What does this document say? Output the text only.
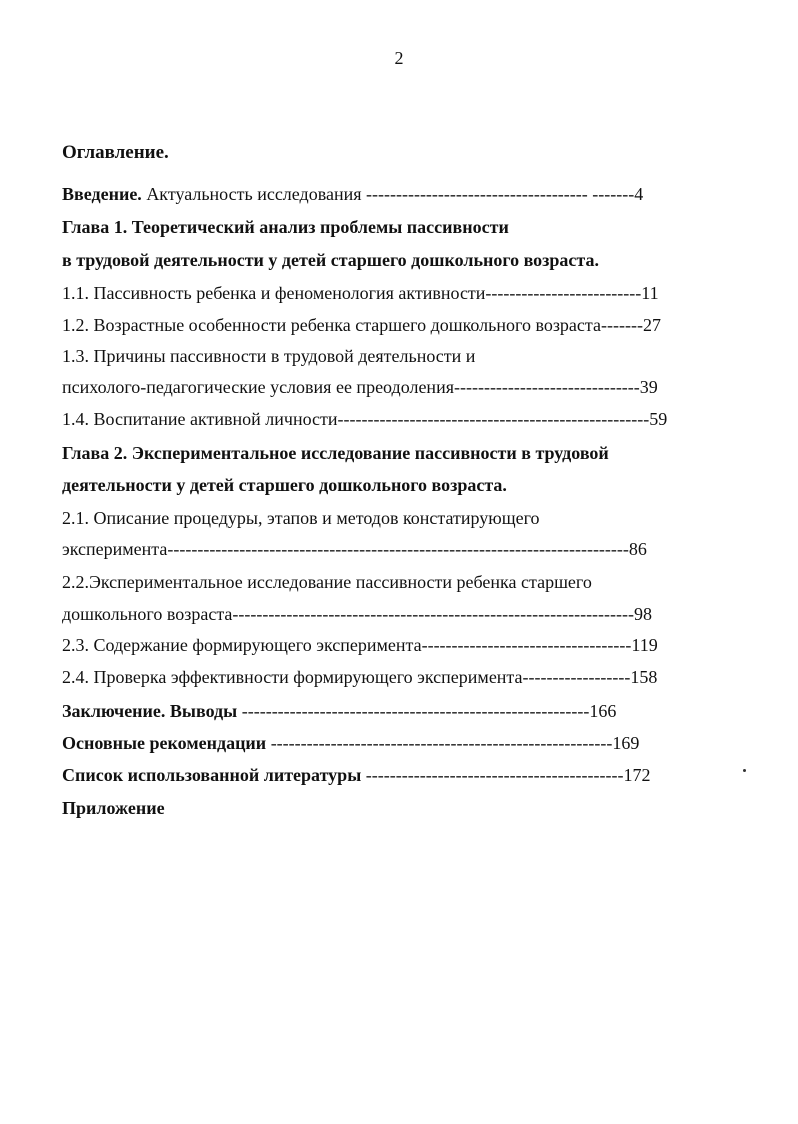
2
Оглавление.
Введение. Актуальность исследования ------------------------------------- -------4
Глава 1. Теоретический анализ проблемы пассивности
в трудовой деятельности у детей старшего дошкольного возраста.
1.1. Пассивность ребенка и феноменология активности--------------------------11
1.2. Возрастные особенности ребенка старшего дошкольного возраста-------27
1.3. Причины пассивности в трудовой деятельности и
психолого-педагогические условия ее преодоления-------------------------------39
1.4. Воспитание активной личности----------------------------------------------------59
Глава 2. Экспериментальное исследование пассивности в трудовой
деятельности у детей старшего дошкольного возраста.
2.1. Описание процедуры, этапов и методов констатирующего
эксперимента-----------------------------------------------------------------------------86
2.2.Экспериментальное исследование пассивности ребенка старшего
дошкольного возраста-------------------------------------------------------------------98
2.3. Содержание формирующего эксперимента-----------------------------------119
2.4. Проверка эффективности формирующего эксперимента------------------158
Заключение. Выводы ----------------------------------------------------------166
Основные рекомендации ---------------------------------------------------------169
Список использованной литературы -------------------------------------------172
Приложение
